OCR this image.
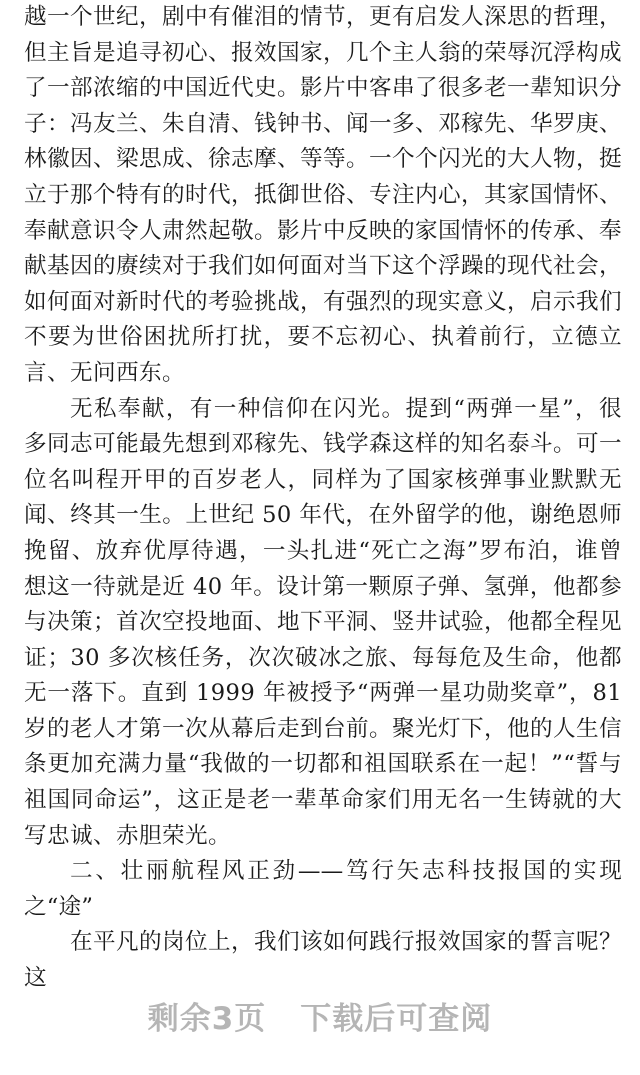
越一个世纪，剧中有催泪的情节，更有启发人深思的哲理，但主旨是追寻初心、报效国家，几个主人翁的荣辱沉浮构成了一部浓缩的中国近代史。影片中客串了很多老一辈知识分子：冯友兰、朱自清、钱钟书、闻一多、邓稼先、华罗庚、林徽因、梁思成、徐志摩、等等。一个个闪光的大人物，挺立于那个特有的时代，抵御世俗、专注内心，其家国情怀、奉献意识令人肃然起敬。影片中反映的家国情怀的传承、奉献基因的赓续对于我们如何面对当下这个浮躁的现代社会，如何面对新时代的考验挑战，有强烈的现实意义，启示我们不要为世俗困扰所打扰，要不忘初心、执着前行，立德立言、无问西东。

无私奉献，有一种信仰在闪光。提到“两弹一星”，很多同志可能最先想到邓稼先、钱学森这样的知名泰斗。可一位名叫程开甲的百岁老人，同样为了国家核弹事业默默无闻、终其一生。上世纪 50 年代，在外留学的他，谢绝恩师挽留、放弃优厚待遇，一头扎进“死亡之海”罗布泊，谁曾想这一待就是近 40 年。设计第一颗原子弹、氢弹，他都参与决策；首次空投地面、地下平洞、竖井试验，他都全程见证；30 多次核任务，次次破冰之旅、每每危及生命，他都无一落下。直到 1999 年被授予“两弹一星功勋奖章”，81 岁的老人才第一次从幕后走到台前。聚光灯下，他的人生信条更加充满力量“我做的一切都和祖国联系在一起！”“誓与祖国同命运”，这正是老一辈革命家们用无名一生铸就的大写忠诚、赤胆荣光。

二、壮丽航程风正劲——笃行矢志科技报国的实现之“途”

在平凡的岗位上，我们该如何践行报效国家的誓言呢？这

剩余3页 下载后可查阅
